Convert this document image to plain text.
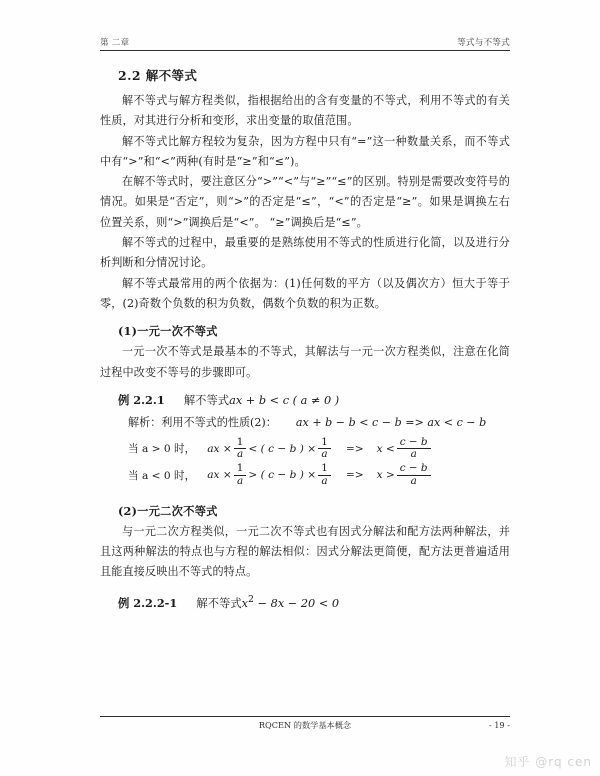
第 二章	等式与不等式
2.2 解不等式

解不等式与解方程类似，指根据给出的含有变量的不等式，利用不等式的有关性质，对其进行分析和变形，求出变量的取值范围。

解不等式比解方程较为复杂，因为方程中只有“=”这一种数量关系，而不等式中有“>”和“<”两种(有时是“≥”和“≤”)。

在解不等式时，要注意区分“>”“<”与“≥”“≤”的区别。特别是需要改变符号的情况。如果是“否定”，则“>”的否定是“≤”，“<”的否定是“≥”。如果是调换左右位置关系，则“>”调换后是“<”。 “≥”调换后是“≤”。

解不等式的过程中，最重要的是熟练使用不等式的性质进行化简，以及进行分析判断和分情况讨论。

解不等式最常用的两个依据为：(1)任何数的平方（以及偶次方）恒大于等于零，(2)奇数个负数的积为负数，偶数个负数的积为正数。

(1)一元一次不等式

一元一次不等式是最基本的不等式，其解法与一元一次方程类似，注意在化简过程中改变不等号的步骤即可。

例 2.2.1 解不等式ax + b < c ( a ≠ 0 )
解析：利用不等式的性质(2)： ax + b − b < c − b => ax < c − b
当 a > 0 时， ax × $\frac{1}{a}$ < ( c − b ) × $\frac{1}{a} => x < \frac{c - b}{a}$
当 a < 0 时， ax × $\frac{1}{a}$ > ( c − b ) × $\frac{1}{a} => x > \frac{c - b}{a}$
(2)一元二次不等式

与一元二次方程类似，一元二次不等式也有因式分解法和配方法两种解法，并且这两种解法的特点也与方程的解法相似：因式分解法更简便，配方法更普遍适用且能直接反映出不等式的特点。

例 2.2.2-1 解不等式$x^2 - 8x - 20 < 0$
RQCEN 的数学基本概念	- 19 -
知乎 @rq cen
